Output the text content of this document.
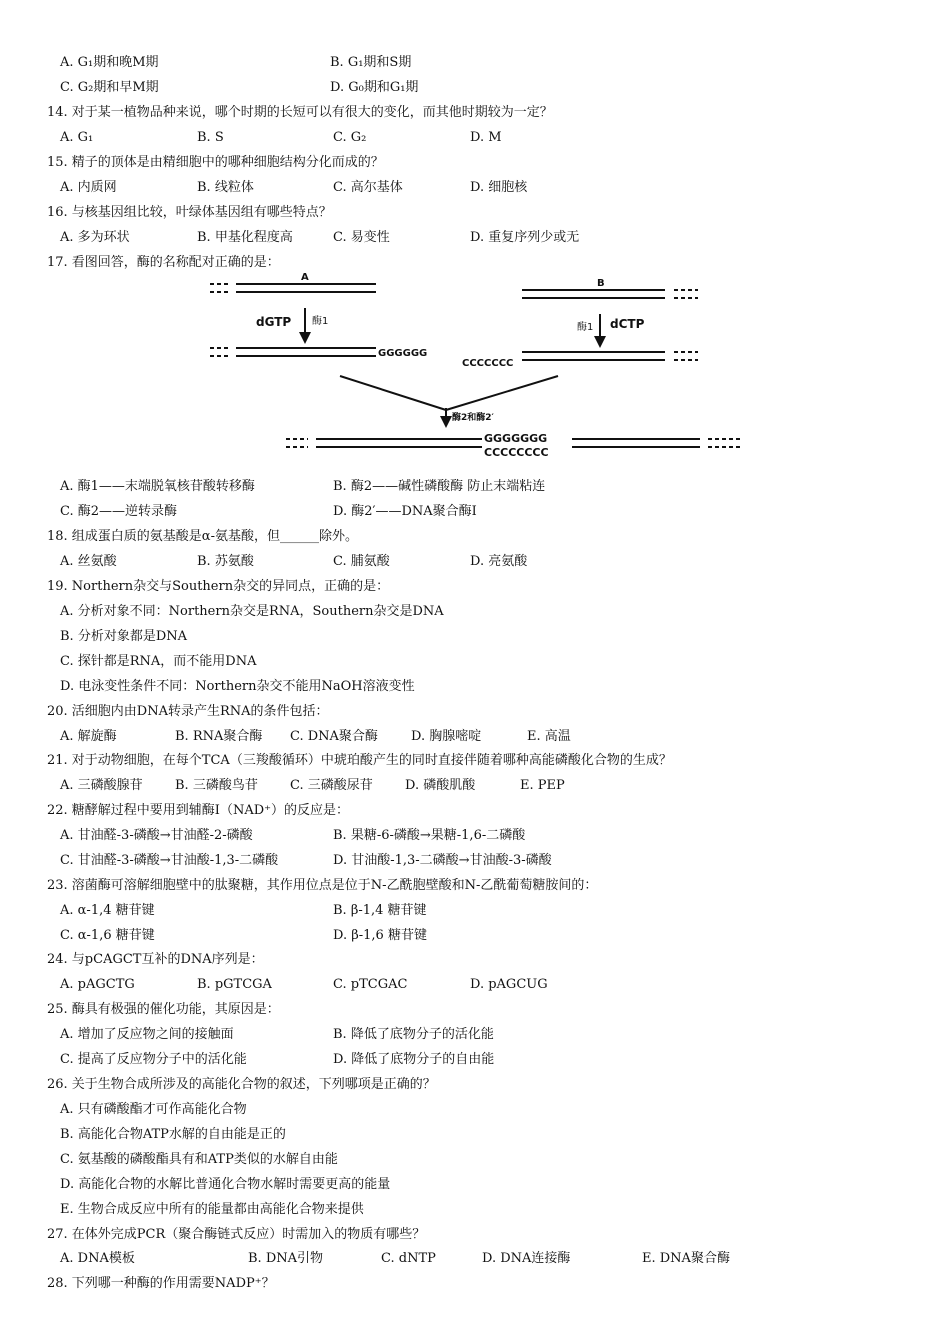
A. G₁期和晚M期	B. G₁期和S期
C. G₂期和早M期	D. G₀期和G₁期
14. 对于某一植物品种来说，哪个时期的长短可以有很大的变化，而其他时期较为一定？
A. G₁	B. S	C. G₂	D. M
15. 精子的顶体是由精细胞中的哪种细胞结构分化而成的？
A. 内质网	B. 线粒体	C. 高尔基体	D. 细胞核
16. 与核基因组比较，叶绿体基因组有哪些特点？
A. 多为环状	B. 甲基化程度高	C. 易变性	D. 重复序列少或无
17. 看图回答，酶的名称配对正确的是：
A
B
dGTP 酶1	dCTP
酶1
GGGGGG
CCCCCCC
酶2和酶2′
GGGGGGG
CCCCCCCC
A. 酶1——末端脱氧核苷酸转移酶	B. 酶2——碱性磷酸酶 防止末端粘连
C. 酶2——逆转录酶	D. 酶2′——DNA聚合酶Ⅰ
18. 组成蛋白质的氨基酸是α-氨基酸，但______除外。
A. 丝氨酸	B. 苏氨酸	C. 脯氨酸	D. 亮氨酸
19. Northern杂交与Southern杂交的异同点，正确的是：
A. 分析对象不同：Northern杂交是RNA，Southern杂交是DNA
B. 分析对象都是DNA
C. 探针都是RNA，而不能用DNA
D. 电泳变性条件不同：Northern杂交不能用NaOH溶液变性
20. 活细胞内由DNA转录产生RNA的条件包括：
A. 解旋酶	B. RNA聚合酶 C. DNA聚合酶	D. 胸腺嘧啶	E. 高温
21. 对于动物细胞，在每个TCA（三羧酸循环）中琥珀酸产生的同时直接伴随着哪种高能磷酸化合物的生成？
A. 三磷酸腺苷 B. 三磷酸鸟苷 C. 三磷酸尿苷 D. 磷酸肌酸	E. PEP
22. 糖酵解过程中要用到辅酶Ⅰ（NAD⁺）的反应是：
A. 甘油醛-3-磷酸→甘油醛-2-磷酸	B. 果糖-6-磷酸→果糖-1,6-二磷酸
C. 甘油醛-3-磷酸→甘油酸-1,3-二磷酸	D. 甘油酸-1,3-二磷酸→甘油酸-3-磷酸
23. 溶菌酶可溶解细胞壁中的肽聚糖，其作用位点是位于N-乙酰胞壁酸和N-乙酰葡萄糖胺间的：
A. α-1,4 糖苷键	B. β-1,4 糖苷键
C. α-1,6 糖苷键	D. β-1,6 糖苷键
24. 与pCAGCT互补的DNA序列是：
A. pAGCTG	B. pGTCGA	C. pTCGAC	D. pAGCUG
25. 酶具有极强的催化功能，其原因是：
A. 增加了反应物之间的接触面	B. 降低了底物分子的活化能
C. 提高了反应物分子中的活化能	D. 降低了底物分子的自由能
26. 关于生物合成所涉及的高能化合物的叙述，下列哪项是正确的？
A. 只有磷酸酯才可作高能化合物
B. 高能化合物ATP水解的自由能是正的
C. 氨基酸的磷酸酯具有和ATP类似的水解自由能
D. 高能化合物的水解比普通化合物水解时需要更高的能量
E. 生物合成反应中所有的能量都由高能化合物来提供
27. 在体外完成PCR（聚合酶链式反应）时需加入的物质有哪些？
A. DNA模板	B. DNA引物	C. dNTP	D. DNA连接酶	E. DNA聚合酶
28. 下列哪一种酶的作用需要NADP⁺？
